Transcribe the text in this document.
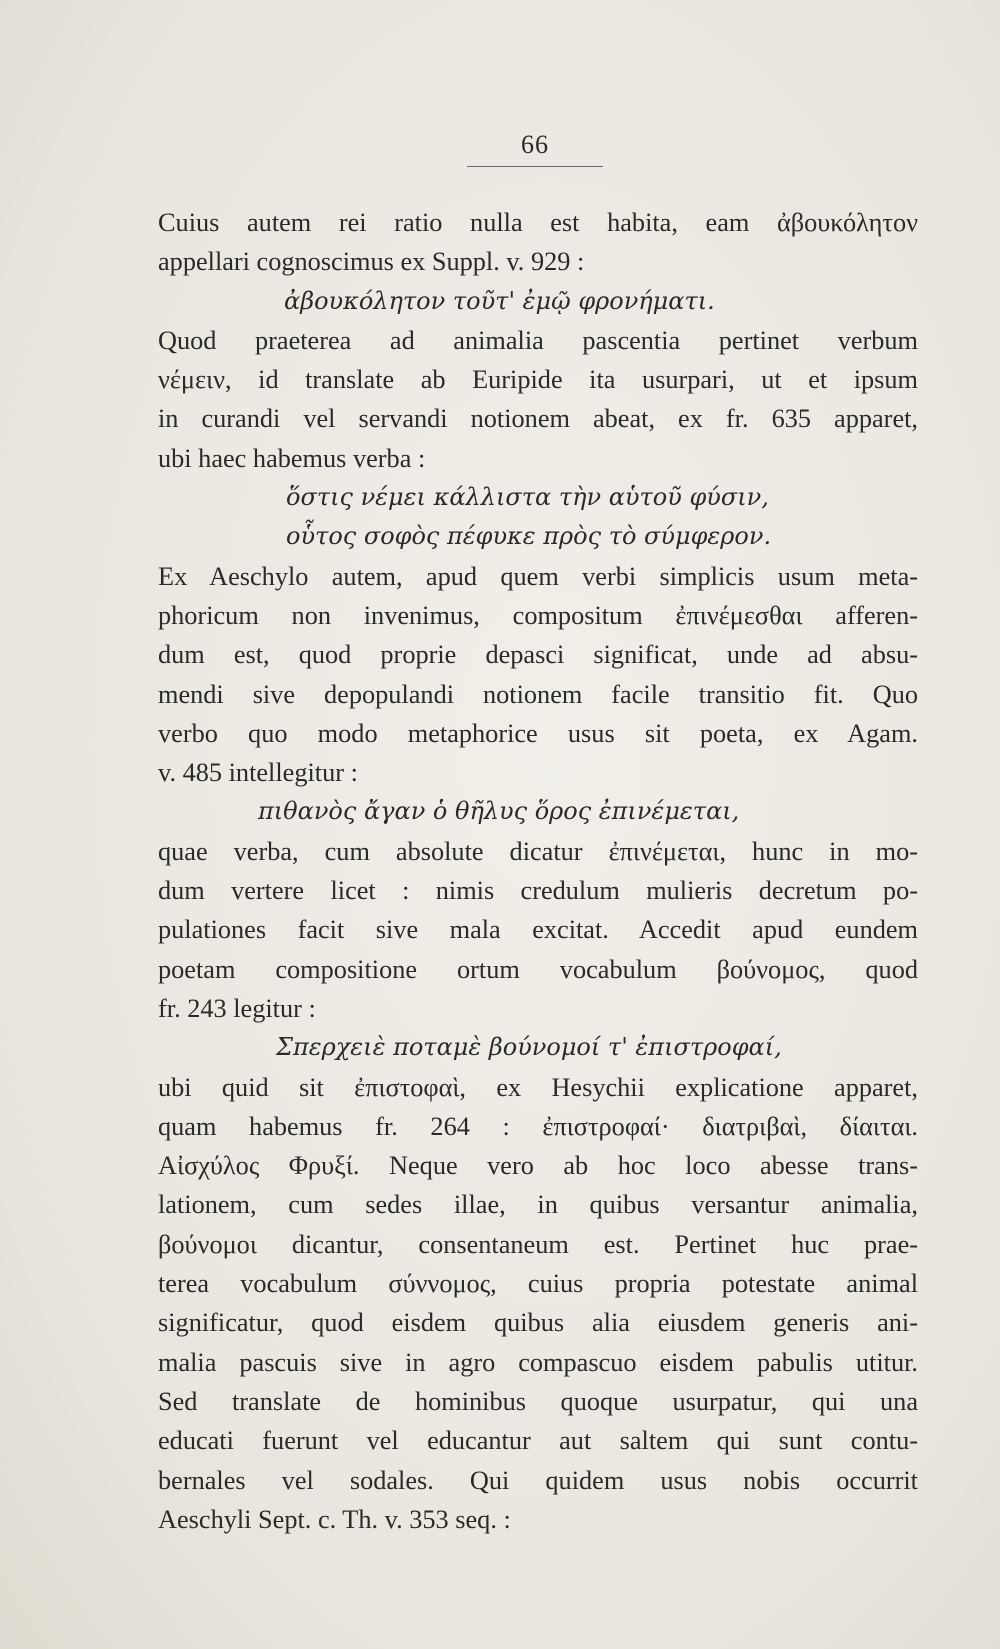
66
Cuius autem rei ratio nulla est habita, eam ἀβουκόλητον
appellari cognoscimus ex Suppl. v. 929 :
ἀβουκόλητον τοῦτ' ἐμῷ φρονήματι.
Quod praeterea ad animalia pascentia pertinet verbum
νέμειν, id translate ab Euripide ita usurpari, ut et ipsum
in curandi vel servandi notionem abeat, ex fr. 635 apparet,
ubi haec habemus verba :
ὅστις νέμει κάλλιστα τὴν αὑτοῦ φύσιν,
οὗτος σοφὸς πέφυκε πρὸς τὸ σύμφερον.
Ex Aeschylo autem, apud quem verbi simplicis usum meta-
phoricum non invenimus, compositum ἐπινέμεσθαι afferen-
dum est, quod proprie depasci significat, unde ad absu-
mendi sive depopulandi notionem facile transitio fit. Quo
verbo quo modo metaphorice usus sit poeta, ex Agam.
v. 485 intellegitur :
πιθανὸς ἄγαν ὁ θῆλυς ὅρος ἐπινέμεται,
quae verba, cum absolute dicatur ἐπινέμεται, hunc in mo-
dum vertere licet : nimis credulum mulieris decretum po-
pulationes facit sive mala excitat. Accedit apud eundem
poetam compositione ortum vocabulum βούνομος, quod
fr. 243 legitur :
Σπερχειὲ ποταμὲ βούνομοί τ' ἐπιστροφαί,
ubi quid sit ἐπιστοφαὶ, ex Hesychii explicatione apparet,
quam habemus fr. 264 : ἐπιστροφαί· διατριβαὶ, δίαιται.
Αἰσχύλος Φρυξί. Neque vero ab hoc loco abesse trans-
lationem, cum sedes illae, in quibus versantur animalia,
βούνομοι dicantur, consentaneum est. Pertinet huc prae-
terea vocabulum σύννομος, cuius propria potestate animal
significatur, quod eisdem quibus alia eiusdem generis ani-
malia pascuis sive in agro compascuo eisdem pabulis utitur.
Sed translate de hominibus quoque usurpatur, qui una
educati fuerunt vel educantur aut saltem qui sunt contu-
bernales vel sodales. Qui quidem usus nobis occurrit
Aeschyli Sept. c. Th. v. 353 seq. :
